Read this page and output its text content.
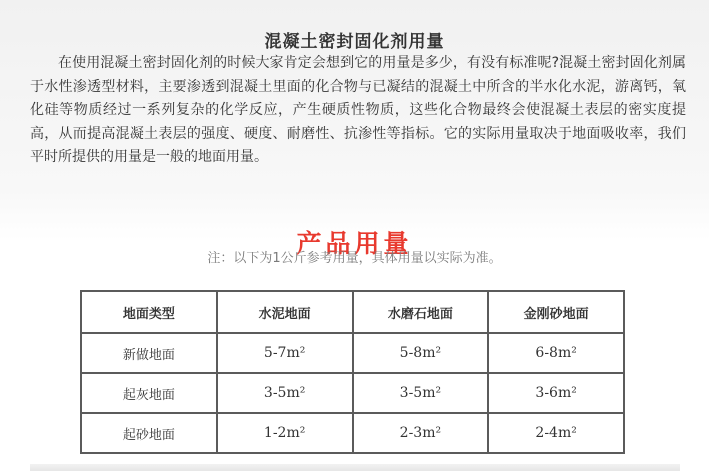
混凝土密封固化剂用量

在使用混凝土密封固化剂的时候大家肯定会想到它的用量是多少，有没有标准呢?混凝土密封固化剂属于水性渗透型材料，主要渗透到混凝土里面的化合物与已凝结的混凝土中所含的半水化水泥，游离钙，氧化硅等物质经过一系列复杂的化学反应，产生硬质性物质，这些化合物最终会使混凝土表层的密实度提高，从而提高混凝土表层的强度、硬度、耐磨性、抗渗性等指标。它的实际用量取决于地面吸收率，我们平时所提供的用量是一般的地面用量。

产品用量
注：以下为1公斤参考用量，具体用量以实际为准。
地面类型	水泥地面	水磨石地面	金刚砂地面
新做地面	5-7m²	5-8m²	6-8m²
起灰地面	3-5m²	3-5m²	3-6m²
起砂地面	1-2m²	2-3m²	2-4m²
